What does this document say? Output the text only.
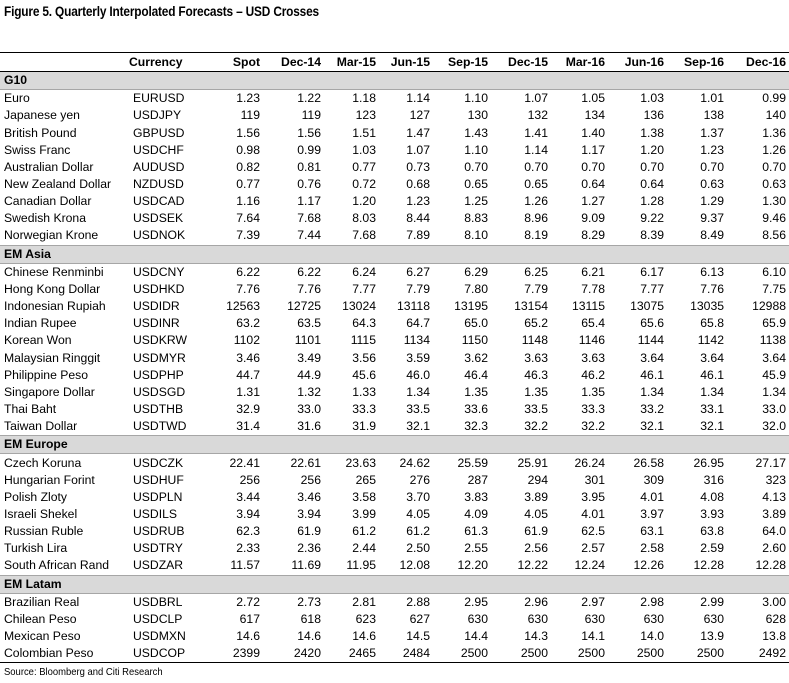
Figure 5. Quarterly Interpolated Forecasts – USD Crosses
	Currency	Spot	Dec-14	Mar-15	Jun-15	Sep-15	Dec-15	Mar-16	Jun-16	Sep-16	Dec-16
G10											
Euro	EURUSD	1.23	1.22	1.18	1.14	1.10	1.07	1.05	1.03	1.01	0.99
Japanese yen	USDJPY	119	119	123	127	130	132	134	136	138	140
British Pound	GBPUSD	1.56	1.56	1.51	1.47	1.43	1.41	1.40	1.38	1.37	1.36
Swiss Franc	USDCHF	0.98	0.99	1.03	1.07	1.10	1.14	1.17	1.20	1.23	1.26
Australian Dollar	AUDUSD	0.82	0.81	0.77	0.73	0.70	0.70	0.70	0.70	0.70	0.70
New Zealand Dollar	NZDUSD	0.77	0.76	0.72	0.68	0.65	0.65	0.64	0.64	0.63	0.63
Canadian Dollar	USDCAD	1.16	1.17	1.20	1.23	1.25	1.26	1.27	1.28	1.29	1.30
Swedish Krona	USDSEK	7.64	7.68	8.03	8.44	8.83	8.96	9.09	9.22	9.37	9.46
Norwegian Krone	USDNOK	7.39	7.44	7.68	7.89	8.10	8.19	8.29	8.39	8.49	8.56
EM Asia											
Chinese Renminbi	USDCNY	6.22	6.22	6.24	6.27	6.29	6.25	6.21	6.17	6.13	6.10
Hong Kong Dollar	USDHKD	7.76	7.76	7.77	7.79	7.80	7.79	7.78	7.77	7.76	7.75
Indonesian Rupiah	USDIDR	12563	12725	13024	13118	13195	13154	13115	13075	13035	12988
Indian Rupee	USDINR	63.2	63.5	64.3	64.7	65.0	65.2	65.4	65.6	65.8	65.9
Korean Won	USDKRW	1102	1101	1115	1134	1150	1148	1146	1144	1142	1138
Malaysian Ringgit	USDMYR	3.46	3.49	3.56	3.59	3.62	3.63	3.63	3.64	3.64	3.64
Philippine Peso	USDPHP	44.7	44.9	45.6	46.0	46.4	46.3	46.2	46.1	46.1	45.9
Singapore Dollar	USDSGD	1.31	1.32	1.33	1.34	1.35	1.35	1.35	1.34	1.34	1.34
Thai Baht	USDTHB	32.9	33.0	33.3	33.5	33.6	33.5	33.3	33.2	33.1	33.0
Taiwan Dollar	USDTWD	31.4	31.6	31.9	32.1	32.3	32.2	32.2	32.1	32.1	32.0
EM Europe											
Czech Koruna	USDCZK	22.41	22.61	23.63	24.62	25.59	25.91	26.24	26.58	26.95	27.17
Hungarian Forint	USDHUF	256	256	265	276	287	294	301	309	316	323
Polish Zloty	USDPLN	3.44	3.46	3.58	3.70	3.83	3.89	3.95	4.01	4.08	4.13
Israeli Shekel	USDILS	3.94	3.94	3.99	4.05	4.09	4.05	4.01	3.97	3.93	3.89
Russian Ruble	USDRUB	62.3	61.9	61.2	61.2	61.3	61.9	62.5	63.1	63.8	64.0
Turkish Lira	USDTRY	2.33	2.36	2.44	2.50	2.55	2.56	2.57	2.58	2.59	2.60
South African Rand	USDZAR	11.57	11.69	11.95	12.08	12.20	12.22	12.24	12.26	12.28	12.28
EM Latam											
Brazilian Real	USDBRL	2.72	2.73	2.81	2.88	2.95	2.96	2.97	2.98	2.99	3.00
Chilean Peso	USDCLP	617	618	623	627	630	630	630	630	630	628
Mexican Peso	USDMXN	14.6	14.6	14.6	14.5	14.4	14.3	14.1	14.0	13.9	13.8
Colombian Peso	USDCOP	2399	2420	2465	2484	2500	2500	2500	2500	2500	2492
Source: Bloomberg and Citi Research
